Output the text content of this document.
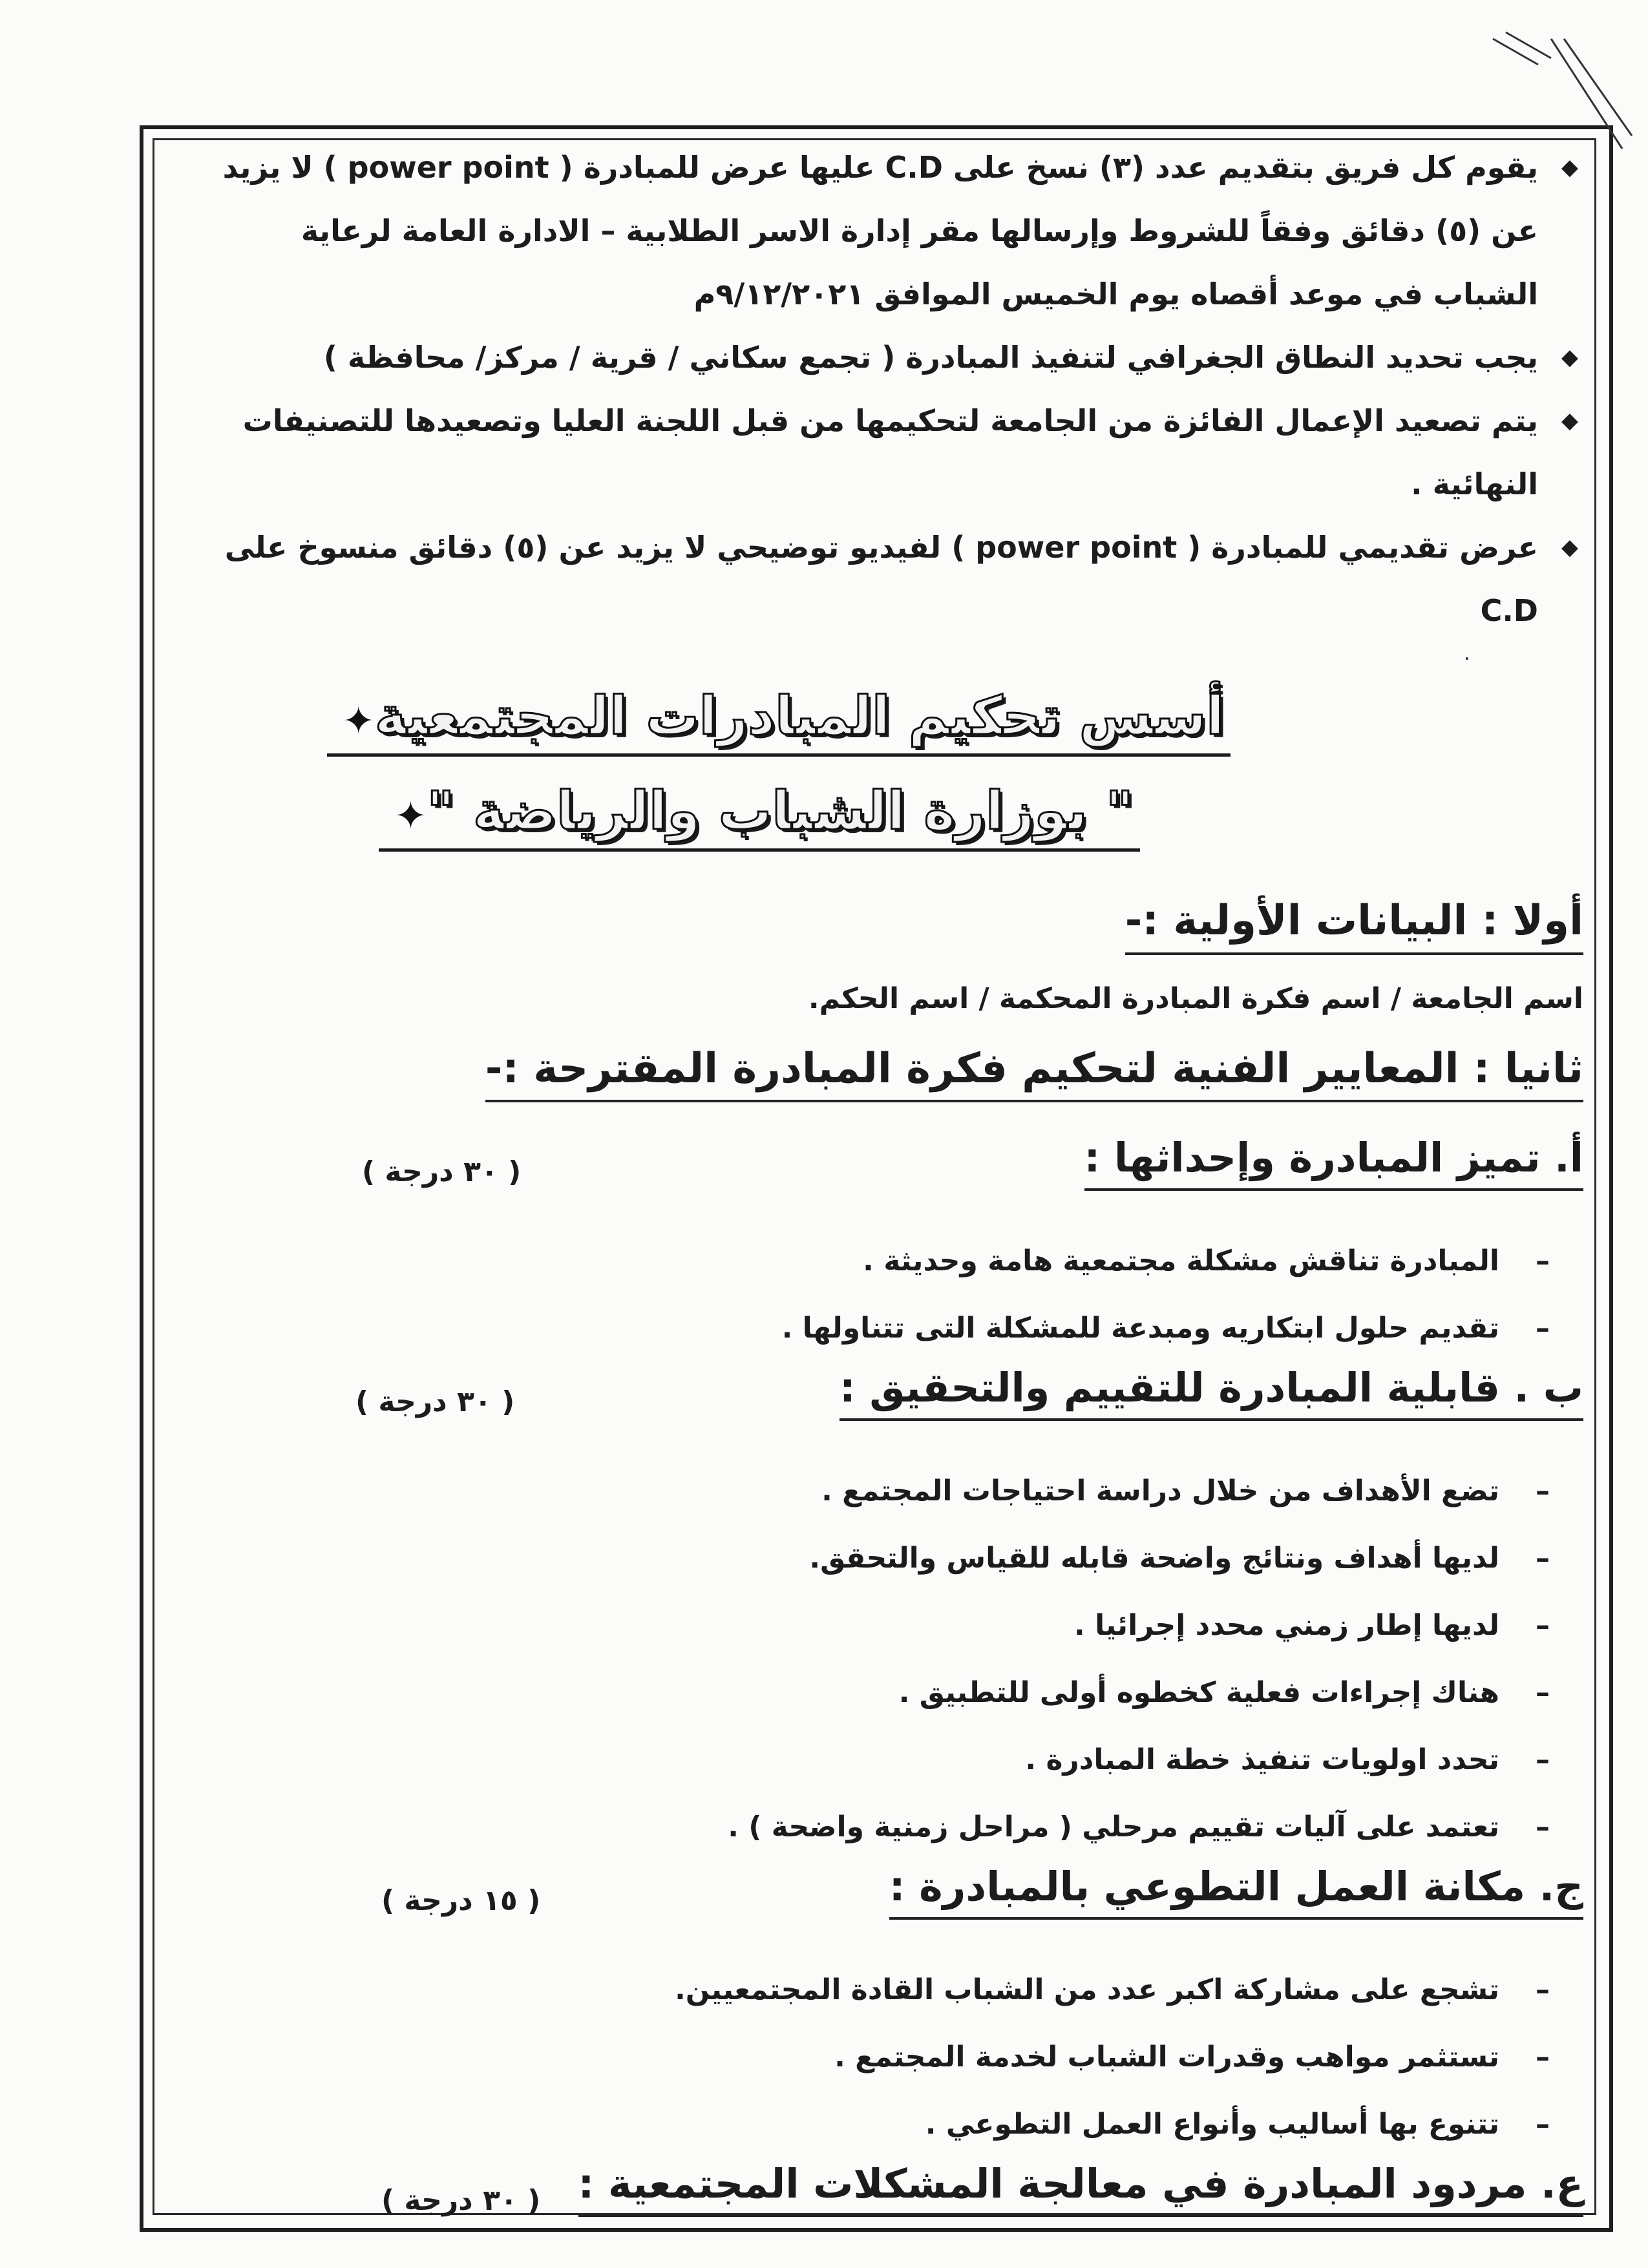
◆
يقوم كل فريق بتقديم عدد (٣) نسخ على C.D عليها عرض للمبادرة ( power point ) لا يزيد عن (٥) دقائق وفقاً للشروط وإرسالها مقر إدارة الاسر الطلابية – الادارة العامة لرعاية الشباب في موعد أقصاه يوم الخميس الموافق ٩/١٢/٢٠٢١م
◆
يجب تحديد النطاق الجغرافي لتنفيذ المبادرة ( تجمع سكاني / قرية / مركز/ محافظة )
◆
يتم تصعيد الإعمال الفائزة من الجامعة لتحكيمها من قبل اللجنة العليا وتصعيدها للتصنيفات النهائية .
◆
عرض تقديمي للمبادرة ( power point ) لفيديو توضيحي لا يزيد عن (٥) دقائق منسوخ على C.D
.
أسس تحكيم المبادرات المجتمعية✦
" بوزارة الشباب والرياضة "✦
أولا : البيانات الأولية :-
اسم الجامعة / اسم فكرة المبادرة المحكمة / اسم الحكم.
ثانيا : المعايير الفنية لتحكيم فكرة المبادرة المقترحة :-
أ. تميز المبادرة وإحداثها :
( ٣٠ درجة )
–
المبادرة تناقش مشكلة مجتمعية هامة وحديثة .
–
تقديم حلول ابتكاريه ومبدعة للمشكلة التى تتناولها .
ب . قابلية المبادرة للتقييم والتحقيق :
( ٣٠ درجة )
–
تضع الأهداف من خلال دراسة احتياجات المجتمع .
–
لديها أهداف ونتائج واضحة قابله للقياس والتحقق.
–
لديها إطار زمني محدد إجرائيا .
–
هناك إجراءات فعلية كخطوه أولى للتطبيق .
–
تحدد اولويات تنفيذ خطة المبادرة .
–
تعتمد على آليات تقييم مرحلي ( مراحل زمنية واضحة ) .
ج. مكانة العمل التطوعي بالمبادرة :
( ١٥ درجة )
–
تشجع على مشاركة اكبر عدد من الشباب القادة المجتمعيين.
–
تستثمر مواهب وقدرات الشباب لخدمة المجتمع .
–
تتنوع بها أساليب وأنواع العمل التطوعي .
ع. مردود المبادرة في معالجة المشكلات المجتمعية :
( ٣٠ درجة )
